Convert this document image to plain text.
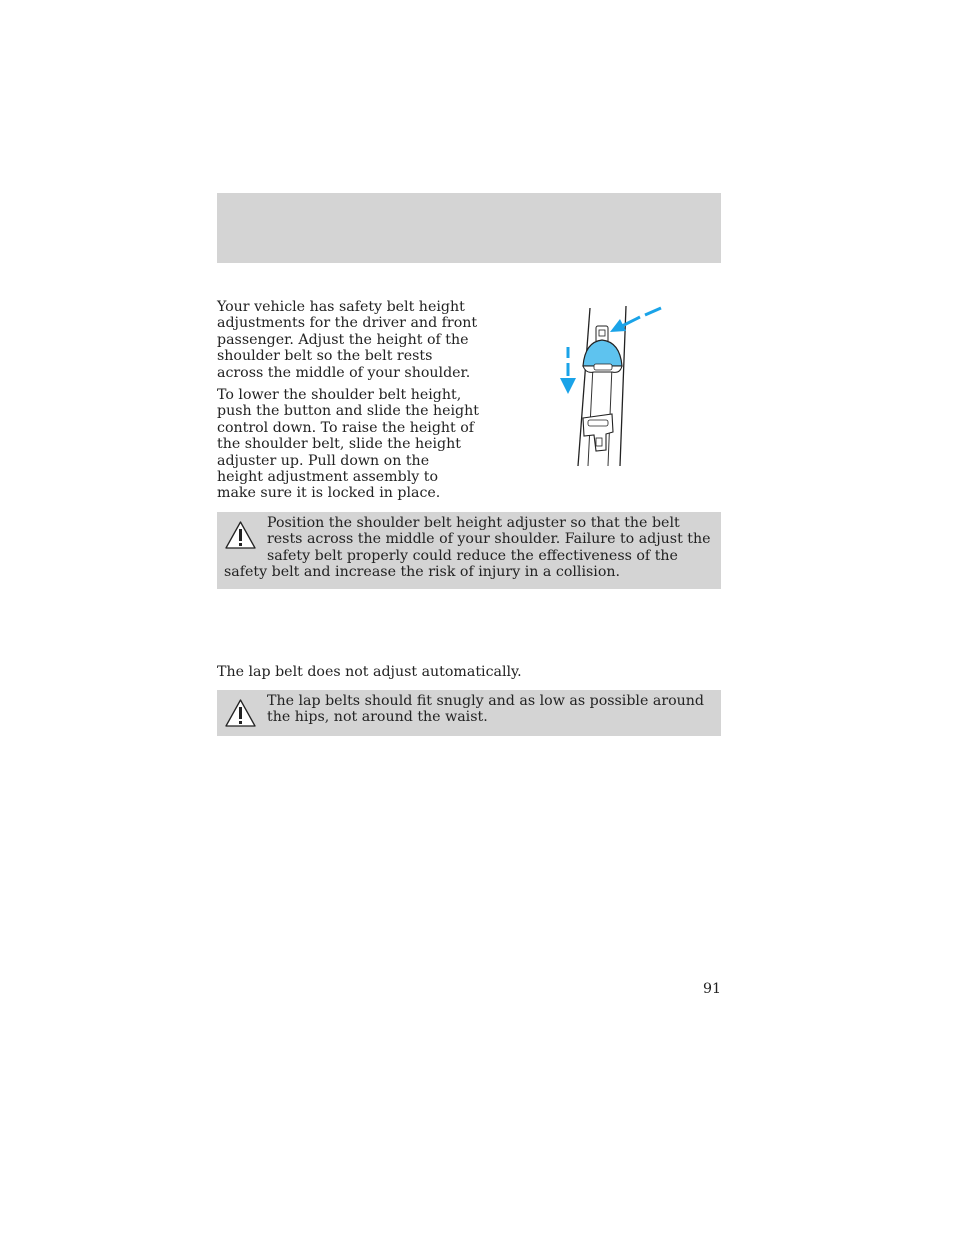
Your vehicle has safety belt height adjustments for the driver and front passenger. Adjust the height of the shoulder belt so the belt rests across the middle of your shoulder.

To lower the shoulder belt height, push the button and slide the height control down. To raise the height of the shoulder belt, slide the height adjuster up. Pull down on the height adjustment assembly to make sure it is locked in place.

Position the shoulder belt height adjuster so that the belt rests across the middle of your shoulder. Failure to adjust the safety belt properly could reduce the effectiveness of the safety belt and increase the risk of injury in a collision.

The lap belt does not adjust automatically.

The lap belts should fit snugly and as low as possible around the hips, not around the waist.
91
